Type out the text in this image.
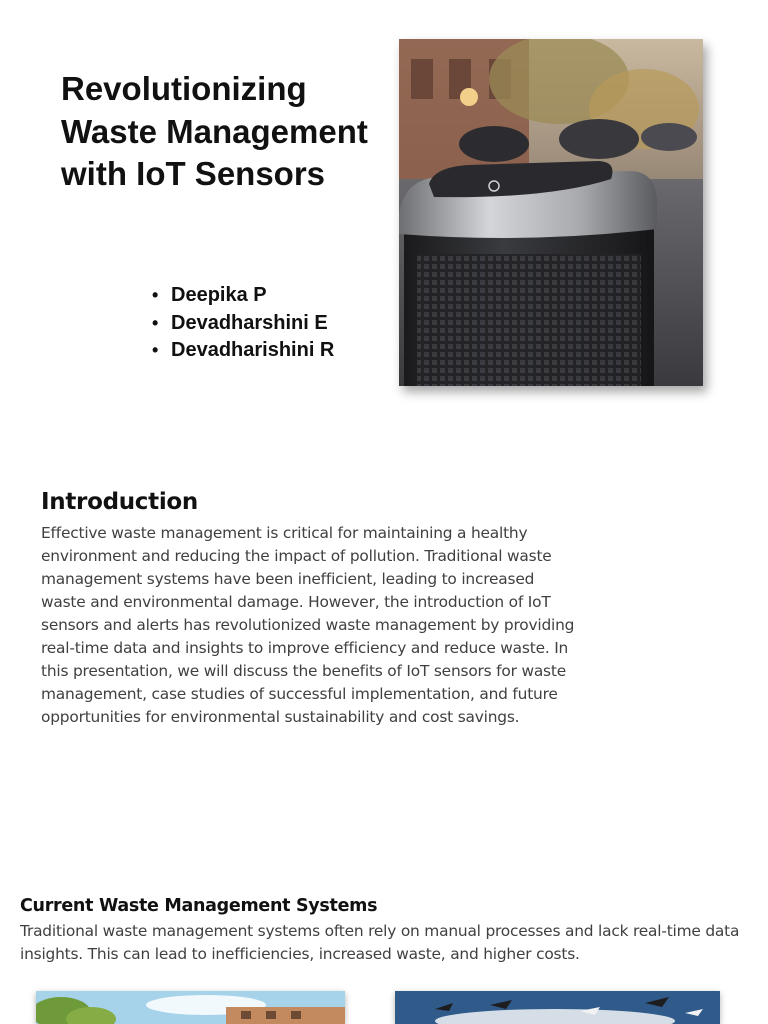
Revolutionizing Waste Management with IoT Sensors
• Deepika P
• Devadharshini E
• Devadharishini R
Introduction

Effective waste management is critical for maintaining a healthy environment and reducing the impact of pollution. Traditional waste management systems have been inefficient, leading to increased waste and environmental damage. However, the introduction of IoT sensors and alerts has revolutionized waste management by providing real-time data and insights to improve efficiency and reduce waste. In this presentation, we will discuss the benefits of IoT sensors for waste management, case studies of successful implementation, and future opportunities for environmental sustainability and cost savings.

Current Waste Management Systems

Traditional waste management systems often rely on manual processes and lack real-time data insights. This can lead to inefficiencies, increased waste, and higher costs.
